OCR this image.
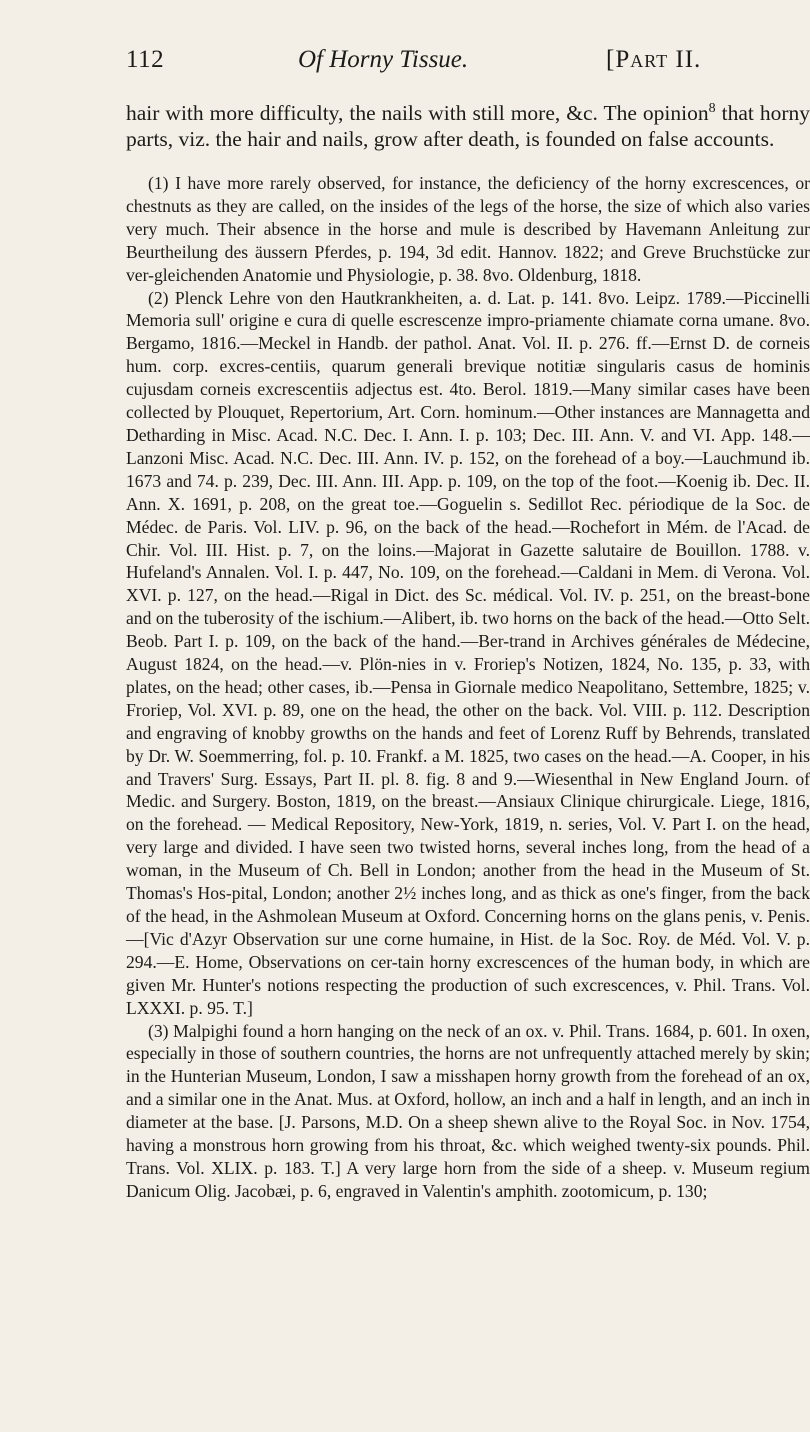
112	Of Horny Tissue.	[Part II.
hair with more difficulty, the nails with still more, &c. The opinion$^8$ that horny parts, viz. the hair and nails, grow after death, is founded on false accounts.

(1) I have more rarely observed, for instance, the deficiency of the horny excrescences, or chestnuts as they are called, on the insides of the legs of the horse, the size of which also varies very much. Their absence in the horse and mule is described by Havemann Anleitung zur Beurtheilung des äussern Pferdes, p. 194, 3d edit. Hannov. 1822; and Greve Bruchstücke zur ver-gleichenden Anatomie und Physiologie, p. 38. 8vo. Oldenburg, 1818.

(2) Plenck Lehre von den Hautkrankheiten, a. d. Lat. p. 141. 8vo. Leipz. 1789.—Piccinelli Memoria sull' origine e cura di quelle escrescenze impro-priamente chiamate corna umane. 8vo. Bergamo, 1816.—Meckel in Handb. der pathol. Anat. Vol. II. p. 276. ff.—Ernst D. de corneis hum. corp. excres-centiis, quarum generali brevique notitiæ singularis casus de hominis cujusdam corneis excrescentiis adjectus est. 4to. Berol. 1819.—Many similar cases have been collected by Plouquet, Repertorium, Art. Corn. hominum.—Other instances are Mannagetta and Detharding in Misc. Acad. N.C. Dec. I. Ann. I. p. 103; Dec. III. Ann. V. and VI. App. 148.—Lanzoni Misc. Acad. N.C. Dec. III. Ann. IV. p. 152, on the forehead of a boy.—Lauchmund ib. 1673 and 74. p. 239, Dec. III. Ann. III. App. p. 109, on the top of the foot.—Koenig ib. Dec. II. Ann. X. 1691, p. 208, on the great toe.—Goguelin s. Sedillot Rec. périodique de la Soc. de Médec. de Paris. Vol. LIV. p. 96, on the back of the head.—Rochefort in Mém. de l'Acad. de Chir. Vol. III. Hist. p. 7, on the loins.—Majorat in Gazette salutaire de Bouillon. 1788. v. Hufeland's Annalen. Vol. I. p. 447, No. 109, on the forehead.—Caldani in Mem. di Verona. Vol. XVI. p. 127, on the head.—Rigal in Dict. des Sc. médical. Vol. IV. p. 251, on the breast-bone and on the tuberosity of the ischium.—Alibert, ib. two horns on the back of the head.—Otto Selt. Beob. Part I. p. 109, on the back of the hand.—Ber-trand in Archives générales de Médecine, August 1824, on the head.—v. Plön-nies in v. Froriep's Notizen, 1824, No. 135, p. 33, with plates, on the head; other cases, ib.—Pensa in Giornale medico Neapolitano, Settembre, 1825; v. Froriep, Vol. XVI. p. 89, one on the head, the other on the back. Vol. VIII. p. 112. Description and engraving of knobby growths on the hands and feet of Lorenz Ruff by Behrends, translated by Dr. W. Soemmerring, fol. p. 10. Frankf. a M. 1825, two cases on the head.—A. Cooper, in his and Travers' Surg. Essays, Part II. pl. 8. fig. 8 and 9.—Wiesenthal in New England Journ. of Medic. and Surgery. Boston, 1819, on the breast.—Ansiaux Clinique chirurgicale. Liege, 1816, on the forehead. — Medical Repository, New-York, 1819, n. series, Vol. V. Part I. on the head, very large and divided. I have seen two twisted horns, several inches long, from the head of a woman, in the Museum of Ch. Bell in London; another from the head in the Museum of St. Thomas's Hos-pital, London; another 2½ inches long, and as thick as one's finger, from the back of the head, in the Ashmolean Museum at Oxford. Concerning horns on the glans penis, v. Penis. —[Vic d'Azyr Observation sur une corne humaine, in Hist. de la Soc. Roy. de Méd. Vol. V. p. 294.—E. Home, Observations on cer-tain horny excrescences of the human body, in which are given Mr. Hunter's notions respecting the production of such excrescences, v. Phil. Trans. Vol. LXXXI. p. 95. T.]

(3) Malpighi found a horn hanging on the neck of an ox. v. Phil. Trans. 1684, p. 601. In oxen, especially in those of southern countries, the horns are not unfrequently attached merely by skin; in the Hunterian Museum, London, I saw a misshapen horny growth from the forehead of an ox, and a similar one in the Anat. Mus. at Oxford, hollow, an inch and a half in length, and an inch in diameter at the base. [J. Parsons, M.D. On a sheep shewn alive to the Royal Soc. in Nov. 1754, having a monstrous horn growing from his throat, &c. which weighed twenty-six pounds. Phil. Trans. Vol. XLIX. p. 183. T.] A very large horn from the side of a sheep. v. Museum regium Danicum Olig. Jacobæi, p. 6, engraved in Valentin's amphith. zootomicum, p. 130;
